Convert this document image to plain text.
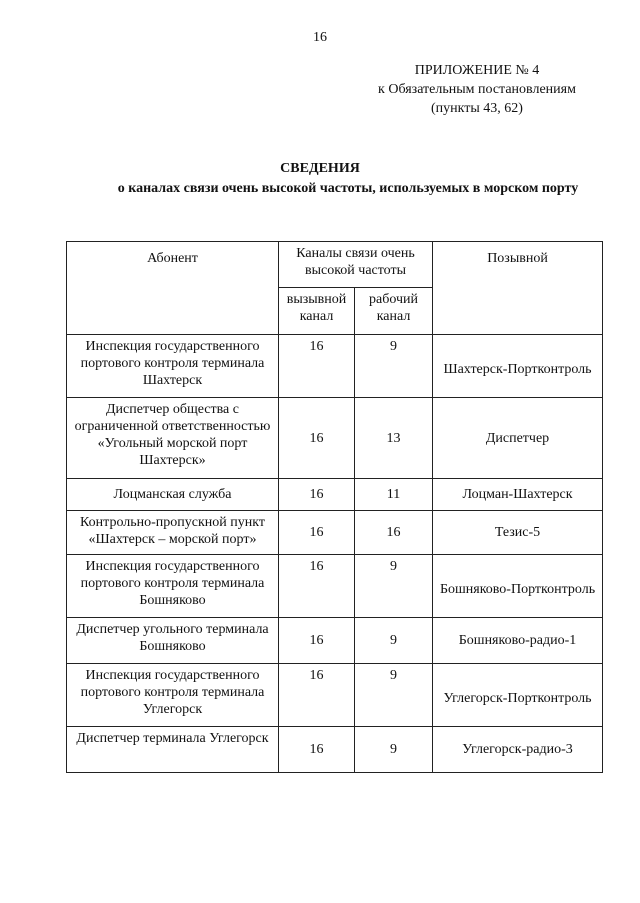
16
ПРИЛОЖЕНИЕ № 4
к Обязательным постановлениям
(пункты 43, 62)
СВЕДЕНИЯ
о каналах связи очень высокой частоты, используемых в морском порту
Абонент	Каналы связи очень высокой частоты		Позывной
	вызывной канал	рабочий канал	
Инспекция государственного портового контроля терминала Шахтерск	16	9	Шахтерск-Портконтроль
Диспетчер общества с ограниченной ответственностью «Угольный морской порт Шахтерск»	16	13	Диспетчер
Лоцманская служба	16	11	Лоцман-Шахтерск
Контрольно-пропускной пункт «Шахтерск – морской порт»	16	16	Тезис-5
Инспекция государственного портового контроля терминала Бошняково	16	9	Бошняково-Портконтроль
Диспетчер угольного терминала Бошняково	16	9	Бошняково-радио-1
Инспекция государственного портового контроля терминала Углегорск	16	9	Углегорск-Портконтроль
Диспетчер терминала Углегорск	16	9	Углегорск-радио-3
